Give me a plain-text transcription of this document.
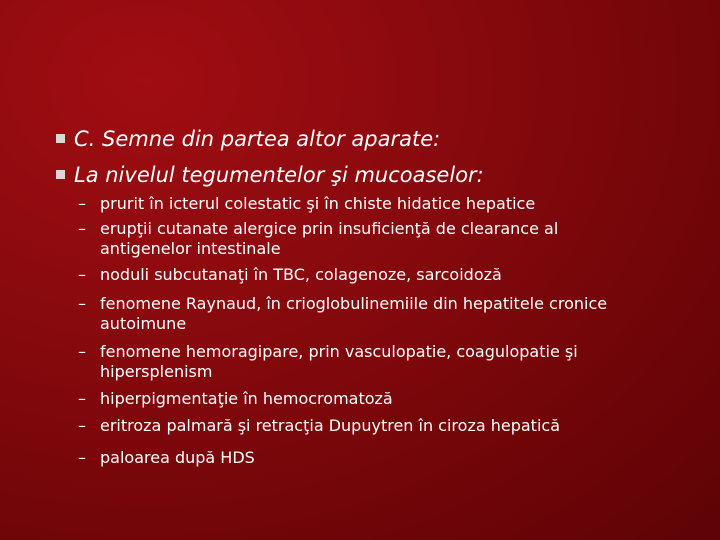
C. Semne din partea altor aparate:
La nivelul tegumentelor şi mucoaselor:
– prurit în icterul colestatic şi în chiste hidatice hepatice
– erupţii cutanate alergice prin insuficienţă de clearance al
antigenelor intestinale
– noduli subcutanaţi în TBC, colagenoze, sarcoidoză
– fenomene Raynaud, în crioglobulinemiile din hepatitele cronice
autoimune
– fenomene hemoragipare, prin vasculopatie, coagulopatie şi
hipersplenism
– hiperpigmentaţie în hemocromatoză
– eritroza palmară şi retracţia Dupuytren în ciroza hepatică
– paloarea după HDS
